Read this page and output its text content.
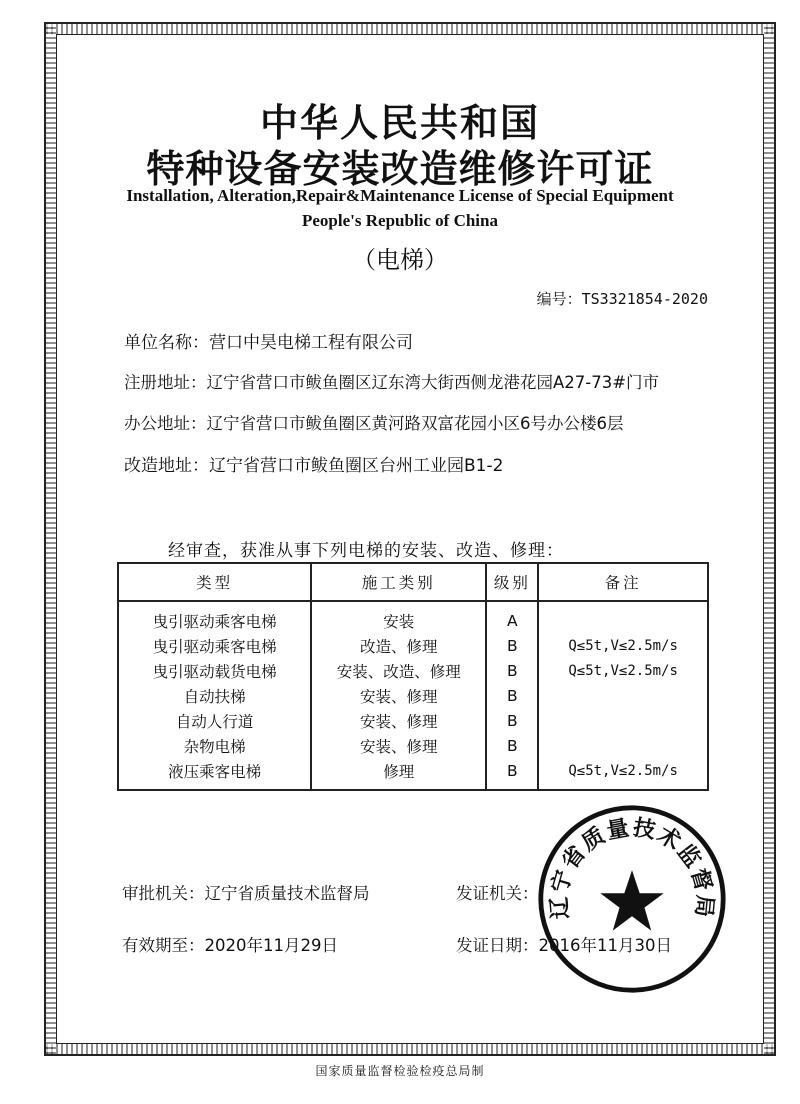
中华人民共和国
特种设备安装改造维修许可证
Installation, Alteration,Repair&Maintenance License of Special Equipment
People's Republic of China
（电梯）
编号：TS3321854-2020
单位名称：营口中昊电梯工程有限公司
注册地址：辽宁省营口市鲅鱼圈区辽东湾大街西侧龙港花园A27-73#门市
办公地址：辽宁省营口市鲅鱼圈区黄河路双富花园小区6号办公楼6层
改造地址：辽宁省营口市鲅鱼圈区台州工业园B1-2
经审查，获准从事下列电梯的安装、改造、修理：
类型	施工类别	级别	备注
曳引驱动乘客电梯	安装	A	
曳引驱动乘客电梯	改造、修理	B	Q≤5t,V≤2.5m/s
曳引驱动载货电梯	安装、改造、修理	B	Q≤5t,V≤2.5m/s
自动扶梯	安装、修理	B	
自动人行道	安装、修理	B	
杂物电梯	安装、修理	B	
液压乘客电梯	修理	B	Q≤5t,V≤2.5m/s
审批机关：辽宁省质量技术监督局	发证机关：
有效期至：2020年11月29日	发证日期：2016年11月30日
辽宁省质量技术监督局
国家质量监督检验检疫总局制
